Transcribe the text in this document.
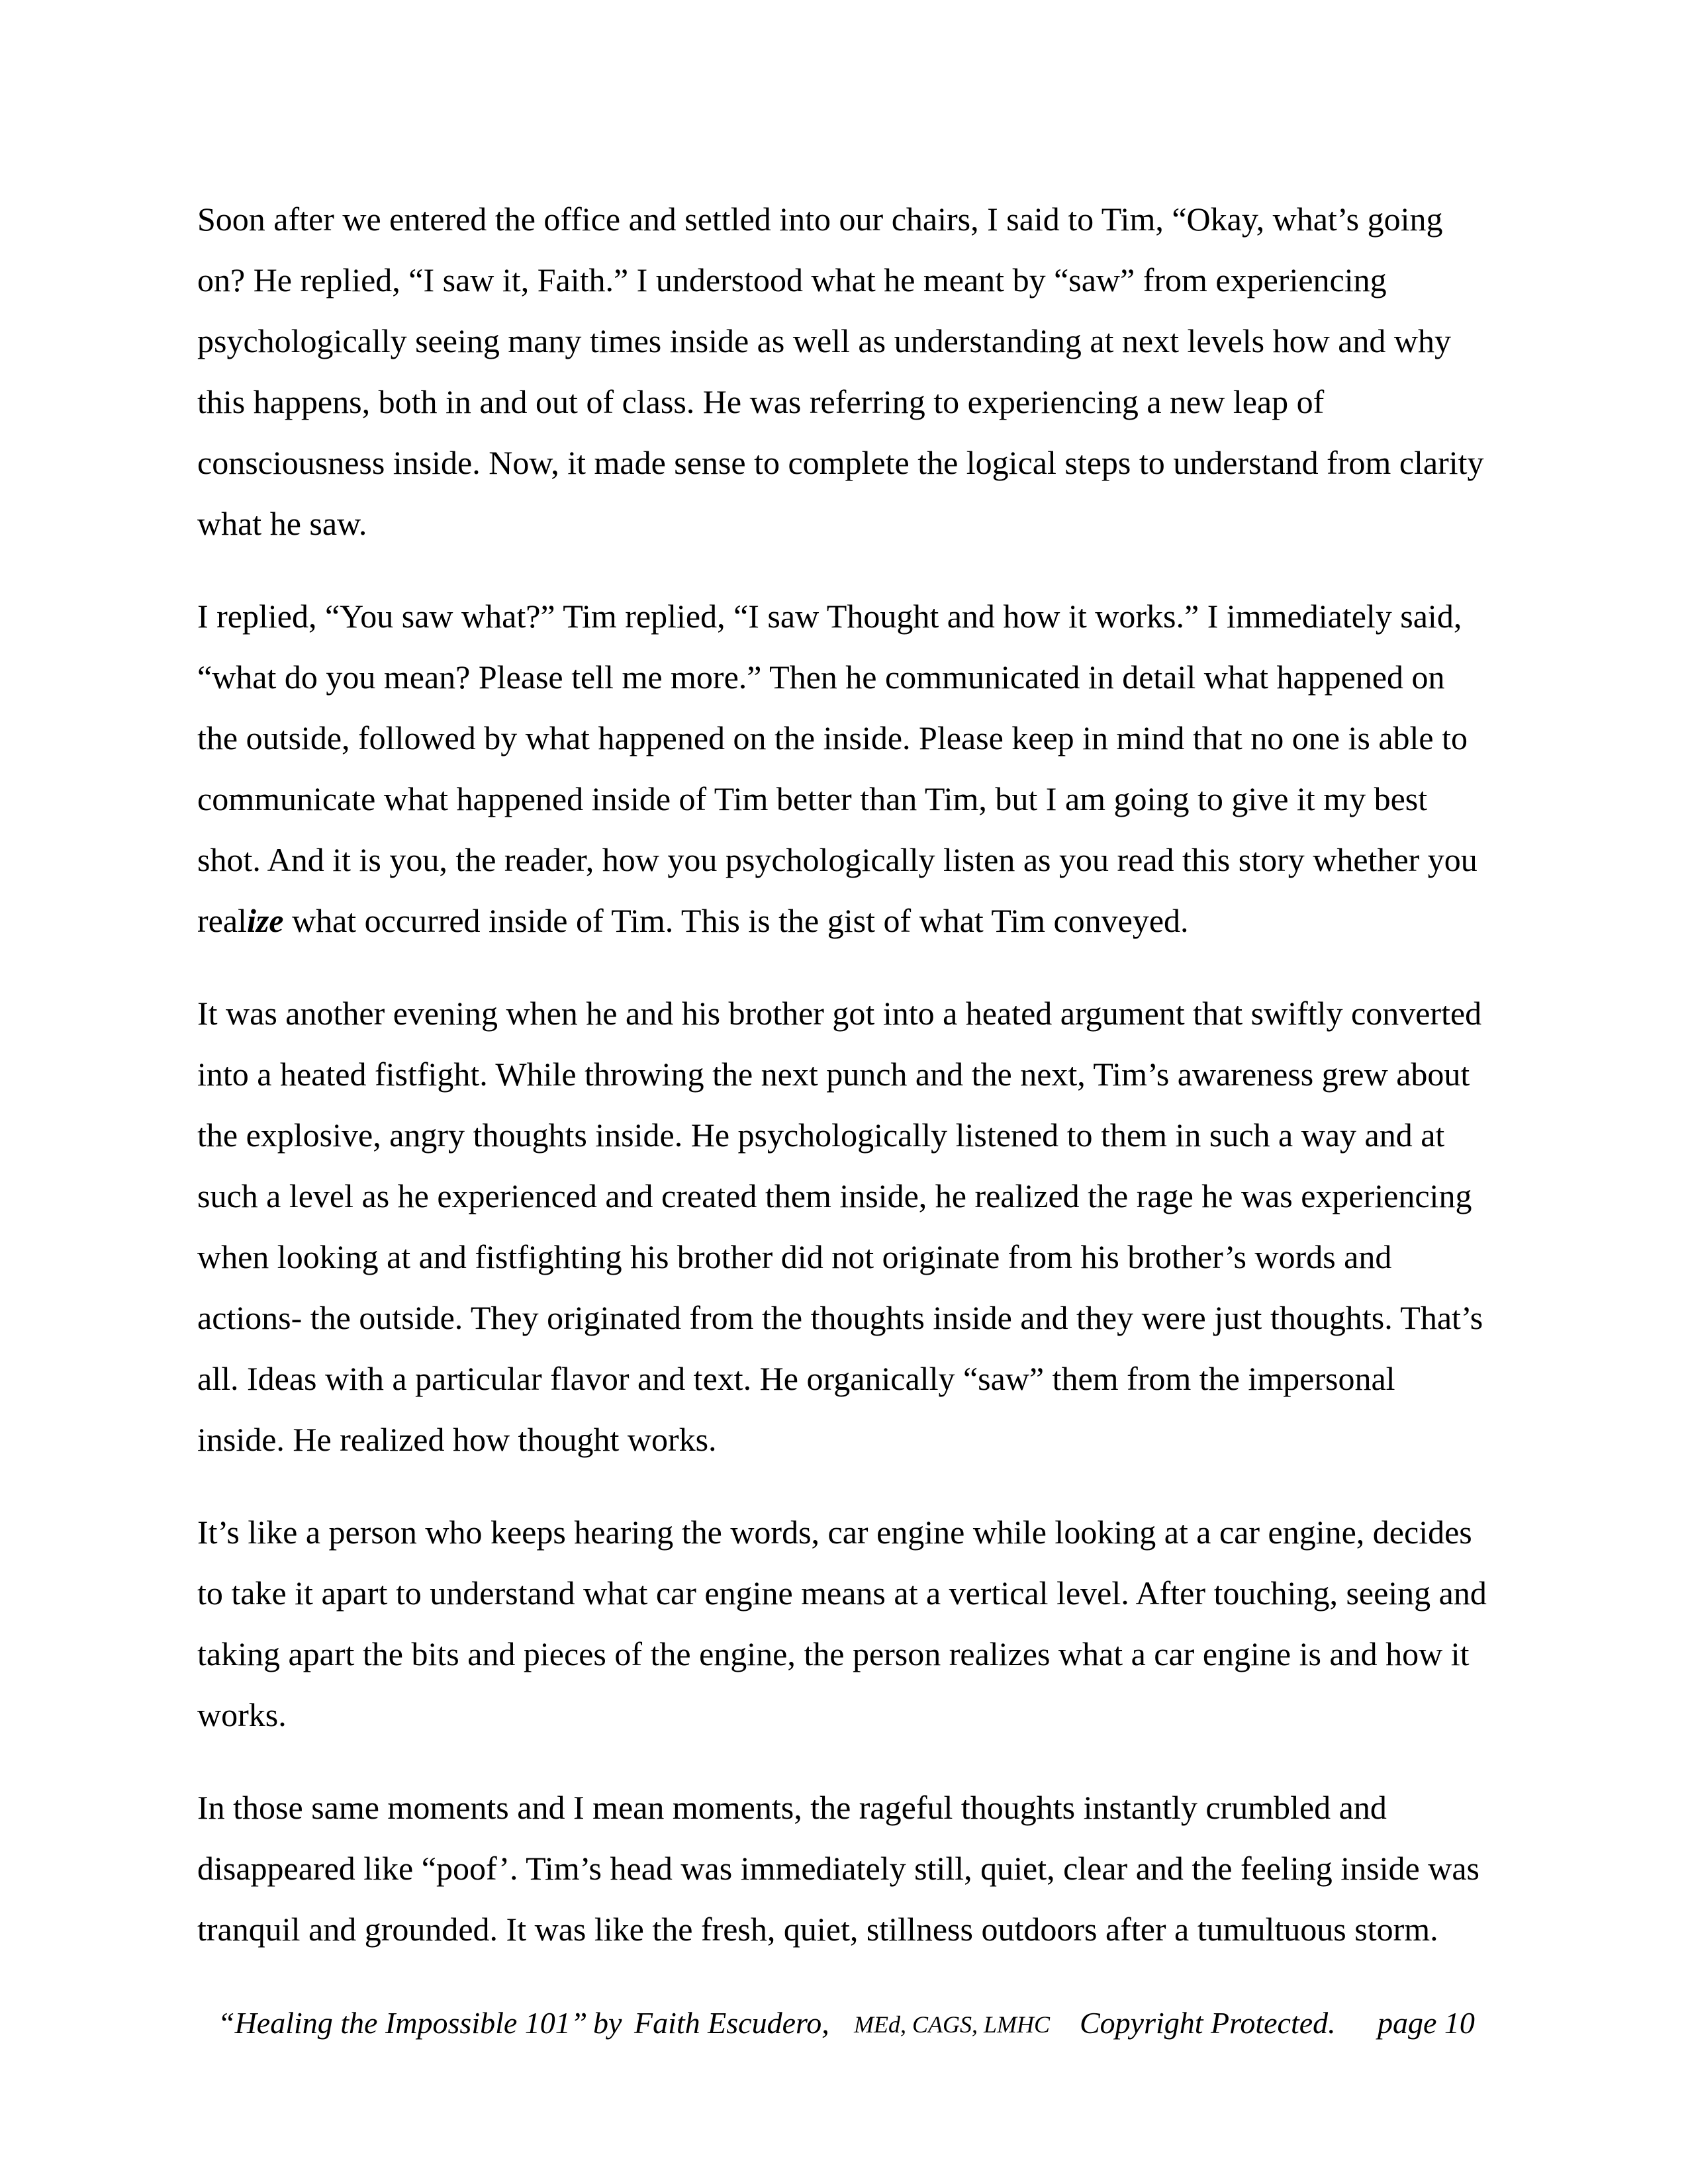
Soon after we entered the office and settled into our chairs, I said to Tim, “Okay, what’s going
on? He replied, “I saw it, Faith.” I understood what he meant by “saw” from experiencing
psychologically seeing many times inside as well as understanding at next levels how and why
this happens, both in and out of class. He was referring to experiencing a new leap of
consciousness inside. Now, it made sense to complete the logical steps to understand from clarity
what he saw.
I replied, “You saw what?” Tim replied, “I saw Thought and how it works.” I immediately said,
“what do you mean? Please tell me more.” Then he communicated in detail what happened on
the outside, followed by what happened on the inside. Please keep in mind that no one is able to
communicate what happened inside of Tim better than Tim, but I am going to give it my best
shot. And it is you, the reader, how you psychologically listen as you read this story whether you
realize what occurred inside of Tim. This is the gist of what Tim conveyed.
It was another evening when he and his brother got into a heated argument that swiftly converted
into a heated fistfight. While throwing the next punch and the next, Tim’s awareness grew about
the explosive, angry thoughts inside. He psychologically listened to them in such a way and at
such a level as he experienced and created them inside, he realized the rage he was experiencing
when looking at and fistfighting his brother did not originate from his brother’s words and
actions- the outside. They originated from the thoughts inside and they were just thoughts. That’s
all. Ideas with a particular flavor and text. He organically “saw” them from the impersonal
inside. He realized how thought works.
It’s like a person who keeps hearing the words, car engine while looking at a car engine, decides
to take it apart to understand what car engine means at a vertical level. After touching, seeing and
taking apart the bits and pieces of the engine, the person realizes what a car engine is and how it
works.
In those same moments and I mean moments, the rageful thoughts instantly crumbled and
disappeared like “poof’. Tim’s head was immediately still, quiet, clear and the feeling inside was
tranquil and grounded. It was like the fresh, quiet, stillness outdoors after a tumultuous storm.
“Healing the Impossible 101” by Faith Escudero, MEd, CAGS, LMHC Copyright Protected. page 10
